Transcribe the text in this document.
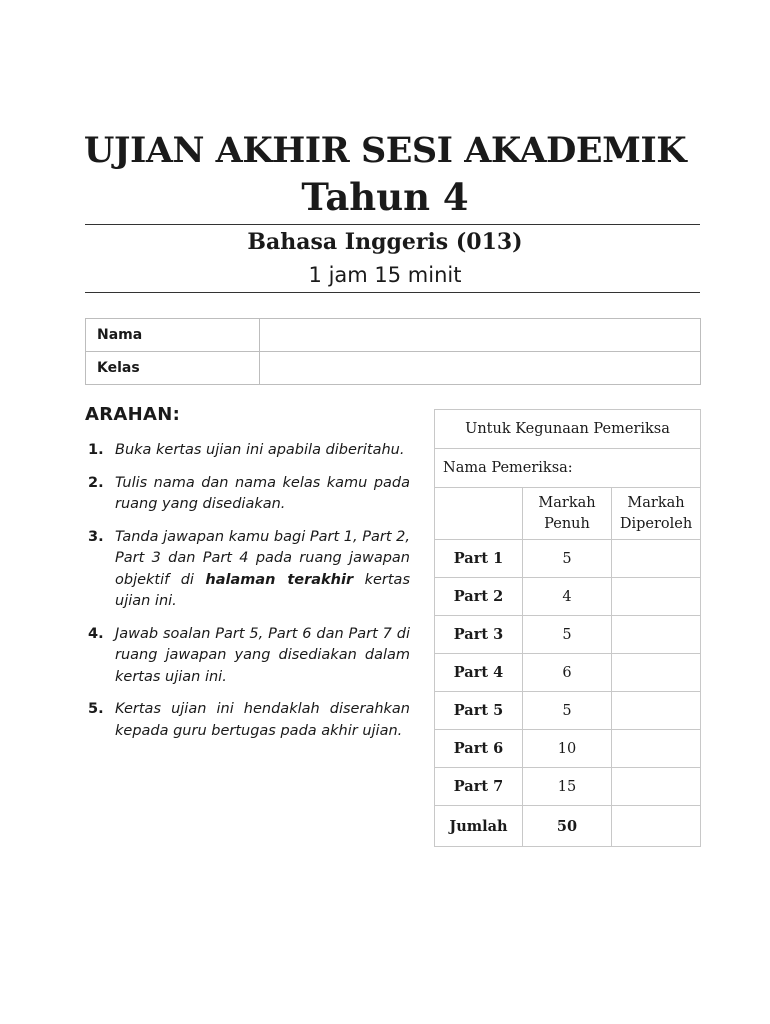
UJIAN AKHIR SESI AKADEMIK
Tahun 4
Bahasa Inggeris (013)
1 jam 15 minit
Nama	
Kelas	
ARAHAN:
1. Buka kertas ujian ini apabila diberitahu.
2. Tulis nama dan nama kelas kamu pada ruang yang disediakan.
3. Tanda jawapan kamu bagi Part 1, Part 2, Part 3 dan Part 4 pada ruang jawapan objektif di halaman terakhir kertas ujian ini.
4. Jawab soalan Part 5, Part 6 dan Part 7 di ruang jawapan yang disediakan dalam kertas ujian ini.
5. Kertas ujian ini hendaklah diserahkan kepada guru bertugas pada akhir ujian.
Untuk Kegunaan Pemeriksa		
Nama Pemeriksa:		
	Markah Penuh	Markah Diperoleh
Part 1	5	
Part 2	4	
Part 3	5	
Part 4	6	
Part 5	5	
Part 6	10	
Part 7	15	
Jumlah	50	
